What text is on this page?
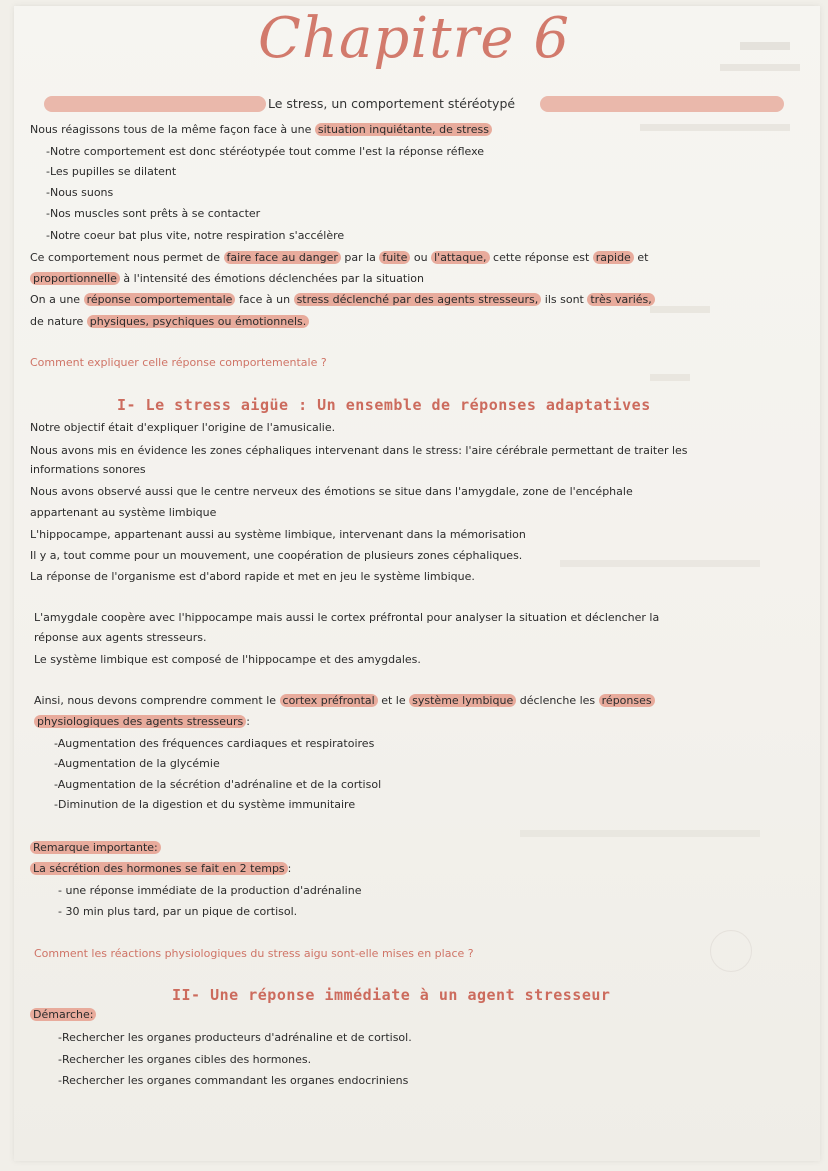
Chapitre 6
Le stress, un comportement stéréotypé
Nous réagissons tous de la même façon face à une situation inquiétante, de stress
-Notre comportement est donc stéréotypée tout comme l'est la réponse réflexe
-Les pupilles se dilatent
-Nous suons
-Nos muscles sont prêts à se contacter
-Notre coeur bat plus vite, notre respiration s'accélère
Ce comportement nous permet de faire face au danger par la fuite ou l'attaque, cette réponse est rapide et
proportionnelle à l'intensité des émotions déclenchées par la situation
On a une réponse comportementale face à un stress déclenché par des agents stresseurs, ils sont très variés,
de nature physiques, psychiques ou émotionnels.
Comment expliquer celle réponse comportementale ?
I- Le stress aigüe : Un ensemble de réponses adaptatives
Notre objectif était d'expliquer l'origine de l'amusicalie.
Nous avons mis en évidence les zones céphaliques intervenant dans le stress: l'aire cérébrale permettant de traiter les
informations sonores
Nous avons observé aussi que le centre nerveux des émotions se situe dans l'amygdale, zone de l'encéphale
appartenant au système limbique
L'hippocampe, appartenant aussi au système limbique, intervenant dans la mémorisation
Il y a, tout comme pour un mouvement, une coopération de plusieurs zones céphaliques.
La réponse de l'organisme est d'abord rapide et met en jeu le système limbique.
L'amygdale coopère avec l'hippocampe mais aussi le cortex préfrontal pour analyser la situation et déclencher la
réponse aux agents stresseurs.
Le système limbique est composé de l'hippocampe et des amygdales.
Ainsi, nous devons comprendre comment le cortex préfrontal et le système lymbique déclenche les réponses
physiologiques des agents stresseurs :
-Augmentation des fréquences cardiaques et respiratoires
-Augmentation de la glycémie
-Augmentation de la sécrétion d'adrénaline et de la cortisol
-Diminution de la digestion et du système immunitaire
Remarque importante:
La sécrétion des hormones se fait en 2 temps :
- une réponse immédiate de la production d'adrénaline
- 30 min plus tard, par un pique de cortisol.
Comment les réactions physiologiques du stress aigu sont-elle mises en place ?
II- Une réponse immédiate à un agent stresseur
Démarche:
-Rechercher les organes producteurs d'adrénaline et de cortisol.
-Rechercher les organes cibles des hormones.
-Rechercher les organes commandant les organes endocriniens
